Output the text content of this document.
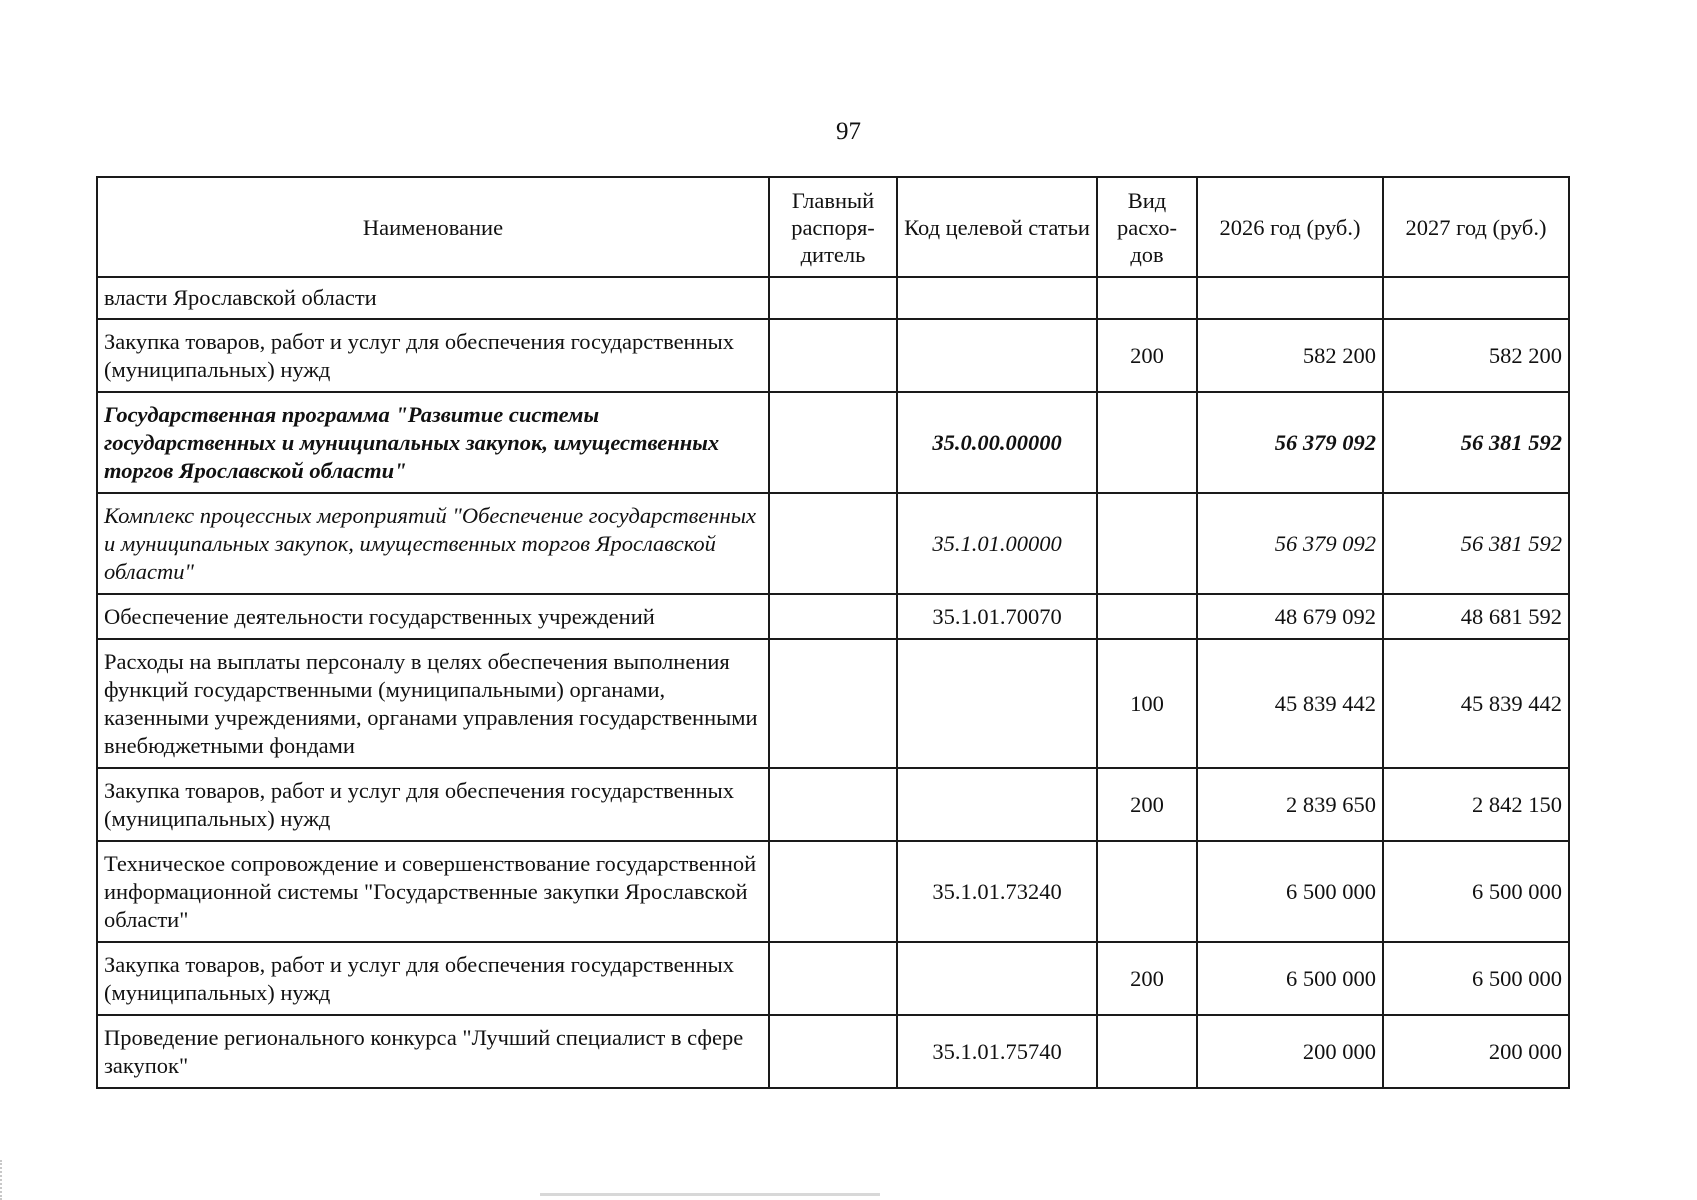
97
Наименование	Главный распоря-дитель	Код целевой статьи	Вид расхо-дов	2026 год (руб.)	2027 год (руб.)
власти Ярославской области					
Закупка товаров, работ и услуг для обеспечения государственных (муниципальных) нужд			200	582 200	582 200
Государственная программа "Развитие системы государственных и муниципальных закупок, имущественных торгов Ярославской области"		35.0.00.00000		56 379 092	56 381 592
Комплекс процессных мероприятий "Обеспечение государственных и муниципальных закупок, имущественных торгов Ярославской области"		35.1.01.00000		56 379 092	56 381 592
Обеспечение деятельности государственных учреждений		35.1.01.70070		48 679 092	48 681 592
Расходы на выплаты персоналу в целях обеспечения выполнения функций государственными (муниципальными) органами, казенными учреждениями, органами управления государственными внебюджетными фондами			100	45 839 442	45 839 442
Закупка товаров, работ и услуг для обеспечения государственных (муниципальных) нужд			200	2 839 650	2 842 150
Техническое сопровождение и совершенствование государственной информационной системы "Государственные закупки Ярославской области"		35.1.01.73240		6 500 000	6 500 000
Закупка товаров, работ и услуг для обеспечения государственных (муниципальных) нужд			200	6 500 000	6 500 000
Проведение регионального конкурса "Лучший специалист в сфере закупок"		35.1.01.75740		200 000	200 000
